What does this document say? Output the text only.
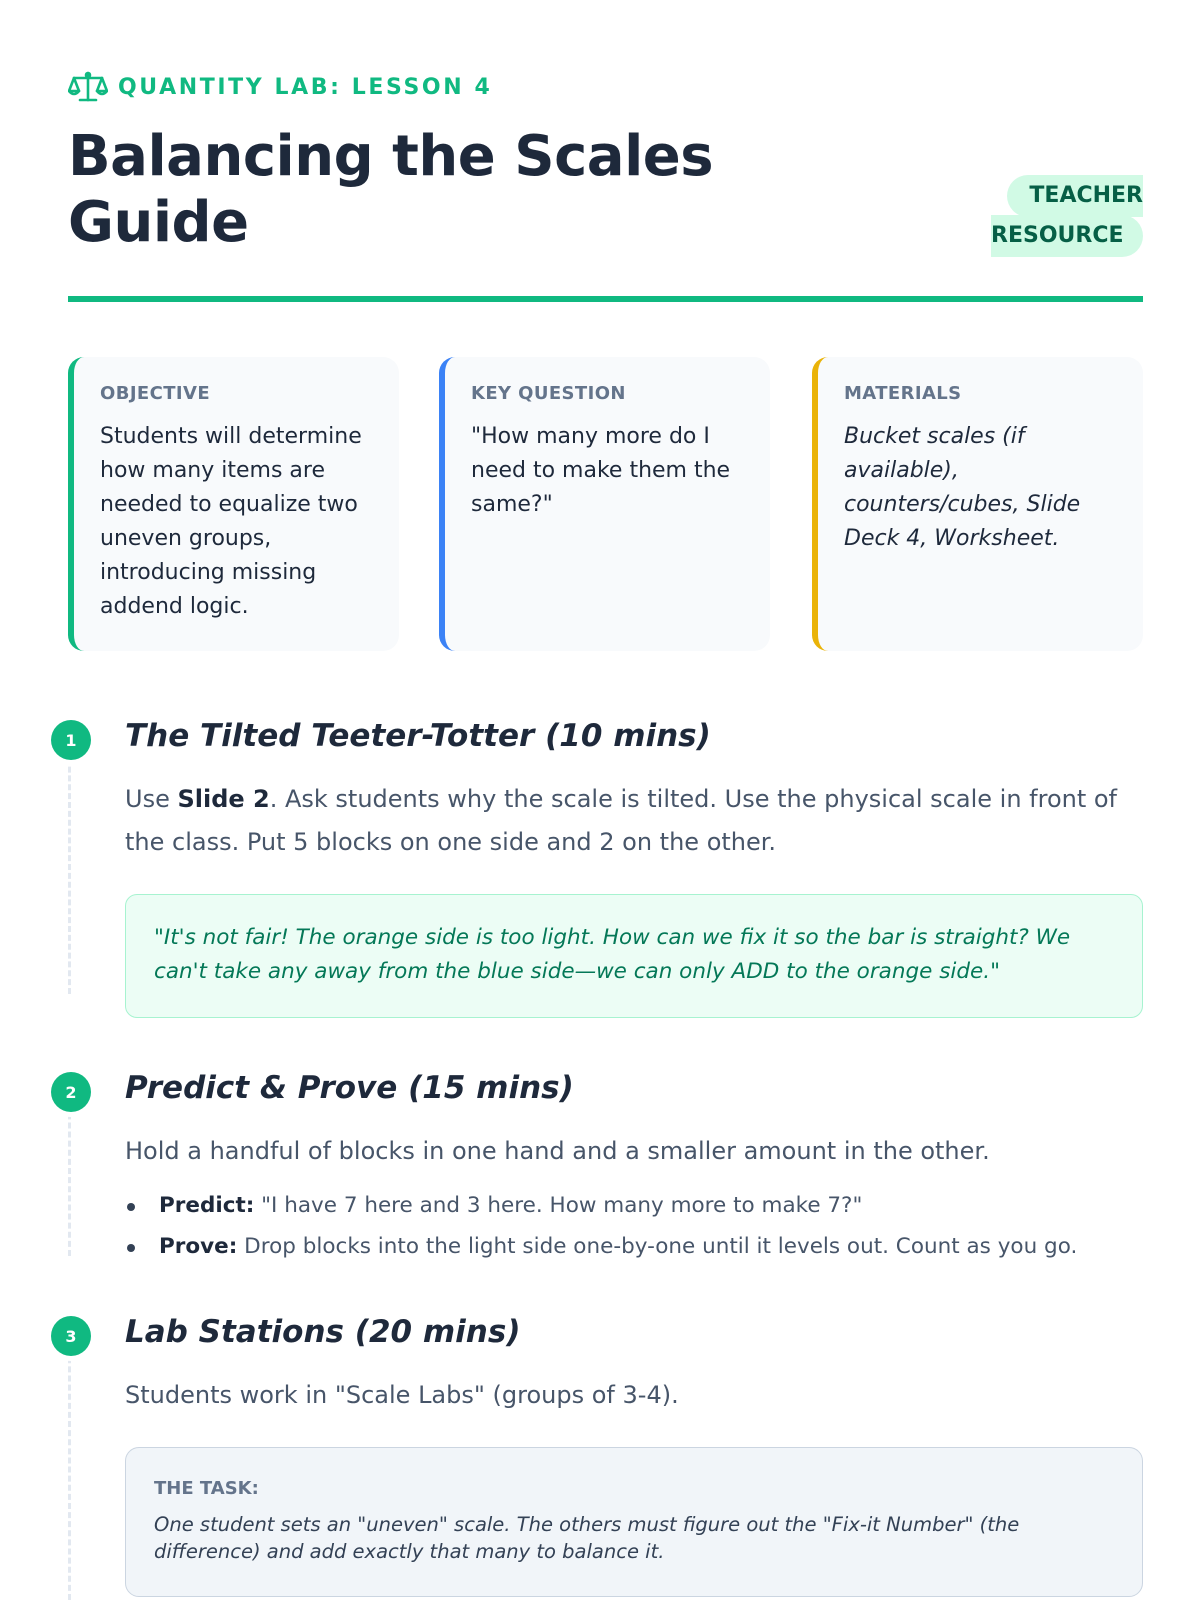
QUANTITY LAB: LESSON 4
Balancing the Scales Guide	TEACHER
RESOURCE
OBJECTIVE

Students will determine how many items are needed to equalize two uneven groups, introducing missing addend logic.

KEY QUESTION

"How many more do I need to make them the same?"

MATERIALS

Bucket scales (if available), counters/cubes, Slide Deck 4, Worksheet.

1	The Tilted Teeter-Totter (10 mins)

Use Slide 2. Ask students why the scale is tilted. Use the physical scale in front of the class. Put 5 blocks on one side and 2 on the other.

"It's not fair! The orange side is too light. How can we fix it so the bar is straight? We can't take any away from the blue side—we can only ADD to the orange side."

2	Predict & Prove (15 mins)

Hold a handful of blocks in one hand and a smaller amount in the other.

Predict: "I have 7 here and 3 here. How many more to make 7?"
Prove: Drop blocks into the light side one-by-one until it levels out. Count as you go.
3	Lab Stations (20 mins)

Students work in "Scale Labs" (groups of 3-4).

THE TASK:

One student sets an "uneven" scale. The others must figure out the "Fix-it Number" (the difference) and add exactly that many to balance it.
